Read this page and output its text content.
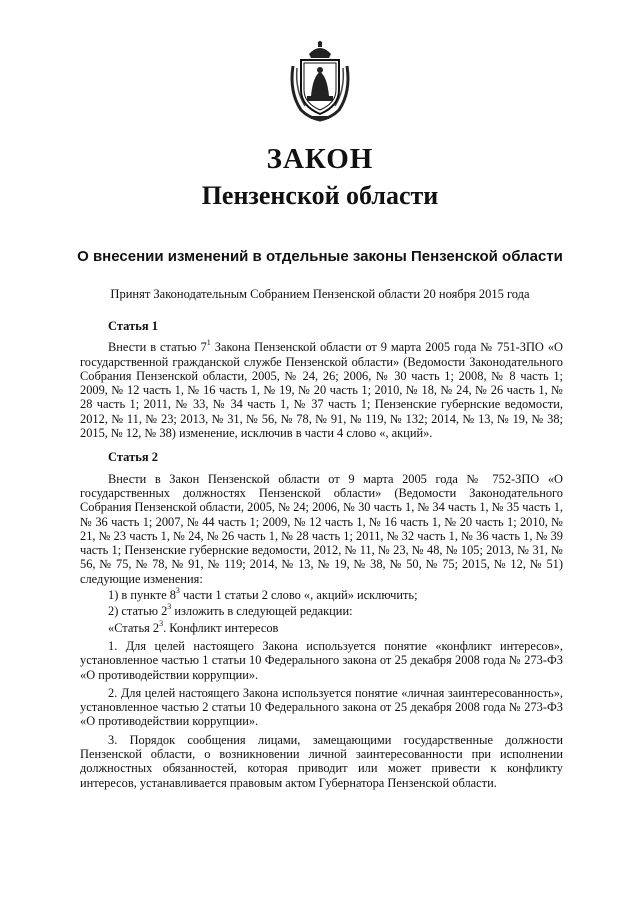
ЗАКОН
Пензенской области
О внесении изменений в отдельные законы Пензенской области
Принят Законодательным Собранием Пензенской области 20 ноября 2015 года
Статья 1

Внести в статью $7^1$ Закона Пензенской области от 9 марта 2005 года № 751-ЗПО «О государственной гражданской службе Пензенской области» (Ведомости Законодательного Собрания Пензенской области, 2005, № 24, 26; 2006, № 30 часть 1; 2008, № 8 часть 1; 2009, № 12 часть 1, № 16 часть 1, № 19, № 20 часть 1; 2010, № 18, № 24, № 26 часть 1, № 28 часть 1; 2011, № 33, № 34 часть 1, № 37 часть 1; Пензенские губернские ведомости, 2012, № 11, № 23; 2013, № 31, № 56, № 78, № 91, № 119, № 132; 2014, № 13, № 19, № 38; 2015, № 12, № 38) изменение, исключив в части 4 слово «, акций».

Статья 2

Внести в Закон Пензенской области от 9 марта 2005 года № 752-ЗПО «О государственных должностях Пензенской области» (Ведомости Законодательного Собрания Пензенской области, 2005, № 24; 2006, № 30 часть 1, № 34 часть 1, № 35 часть 1, № 36 часть 1; 2007, № 44 часть 1; 2009, № 12 часть 1, № 16 часть 1, № 20 часть 1; 2010, № 21, № 23 часть 1, № 24, № 26 часть 1, № 28 часть 1; 2011, № 32 часть 1, № 36 часть 1, № 39 часть 1; Пензенские губернские ведомости, 2012, № 11, № 23, № 48, № 105; 2013, № 31, № 56, № 75, № 78, № 91, № 119; 2014, № 13, № 19, № 38, № 50, № 75; 2015, № 12, № 51) следующие изменения:

1) в пункте $8^3$ части 1 статьи 2 слово «, акций» исключить;
2) статью $2^3$ изложить в следующей редакции:
«Статья $2^3$. Конфликт интересов

1. Для целей настоящего Закона используется понятие «конфликт интересов», установленное частью 1 статьи 10 Федерального закона от 25 декабря 2008 года № 273-ФЗ «О противодействии коррупции».

2. Для целей настоящего Закона используется понятие «личная заинтересованность», установленное частью 2 статьи 10 Федерального закона от 25 декабря 2008 года № 273-ФЗ «О противодействии коррупции».

3. Порядок сообщения лицами, замещающими государственные должности Пензенской области, о возникновении личной заинтересованности при исполнении должностных обязанностей, которая приводит или может привести к конфликту интересов, устанавливается правовым актом Губернатора Пензенской области.
